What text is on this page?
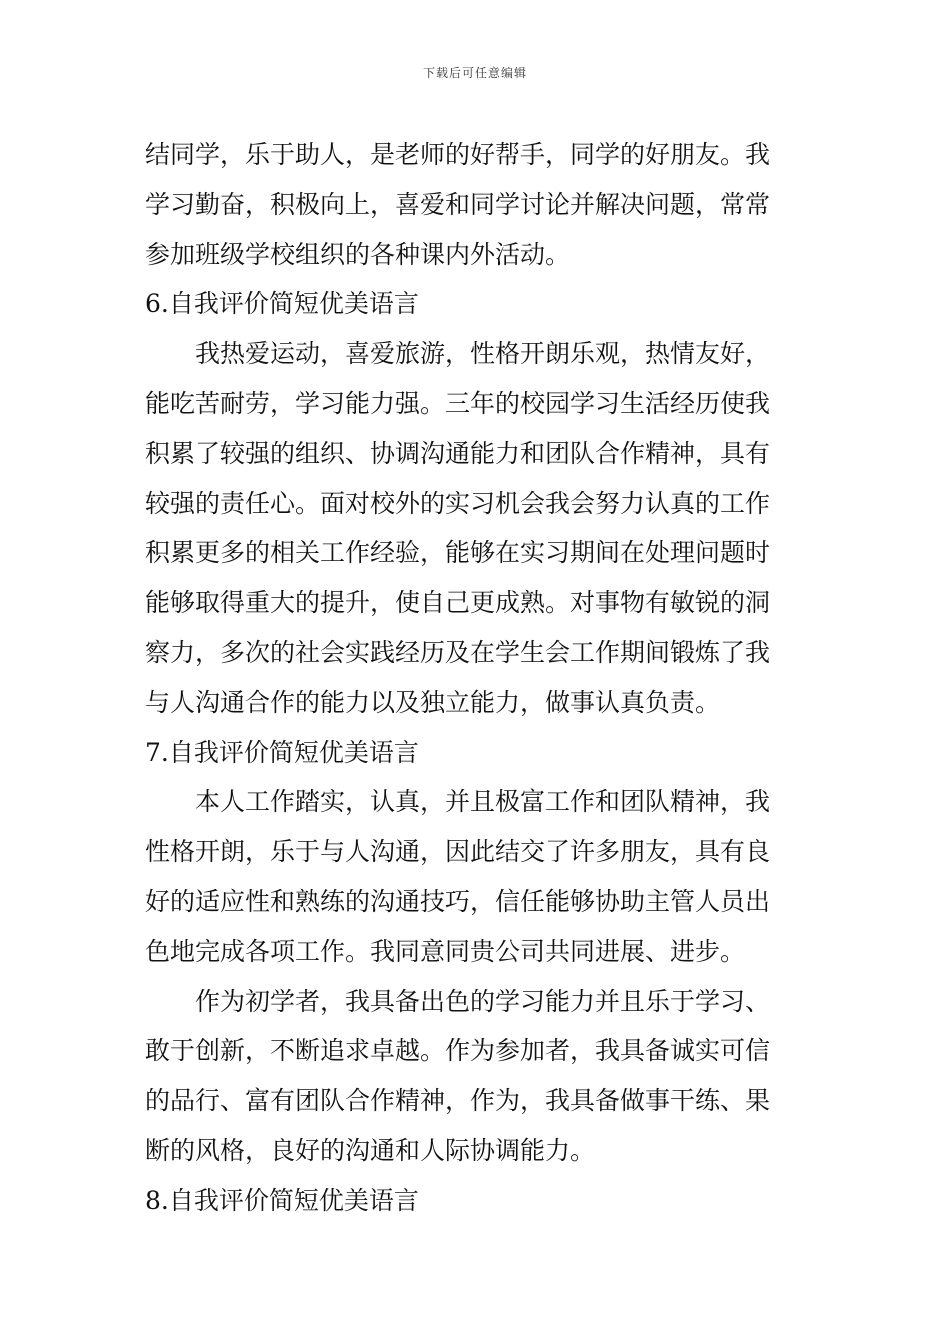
下载后可任意编辑
结同学，乐于助人，是老师的好帮手，同学的好朋友。我
学习勤奋，积极向上，喜爱和同学讨论并解决问题，常常
参加班级学校组织的各种课内外活动。
6.自我评价简短优美语言
我热爱运动，喜爱旅游，性格开朗乐观，热情友好，
能吃苦耐劳，学习能力强。三年的校园学习生活经历使我
积累了较强的组织、协调沟通能力和团队合作精神，具有
较强的责任心。面对校外的实习机会我会努力认真的工作
积累更多的相关工作经验，能够在实习期间在处理问题时
能够取得重大的提升，使自己更成熟。对事物有敏锐的洞
察力，多次的社会实践经历及在学生会工作期间锻炼了我
与人沟通合作的能力以及独立能力，做事认真负责。
7.自我评价简短优美语言
本人工作踏实，认真，并且极富工作和团队精神，我
性格开朗，乐于与人沟通，因此结交了许多朋友，具有良
好的适应性和熟练的沟通技巧，信任能够协助主管人员出
色地完成各项工作。我同意同贵公司共同进展、进步。
作为初学者，我具备出色的学习能力并且乐于学习、
敢于创新，不断追求卓越。作为参加者，我具备诚实可信
的品行、富有团队合作精神，作为，我具备做事干练、果
断的风格，良好的沟通和人际协调能力。
8.自我评价简短优美语言
